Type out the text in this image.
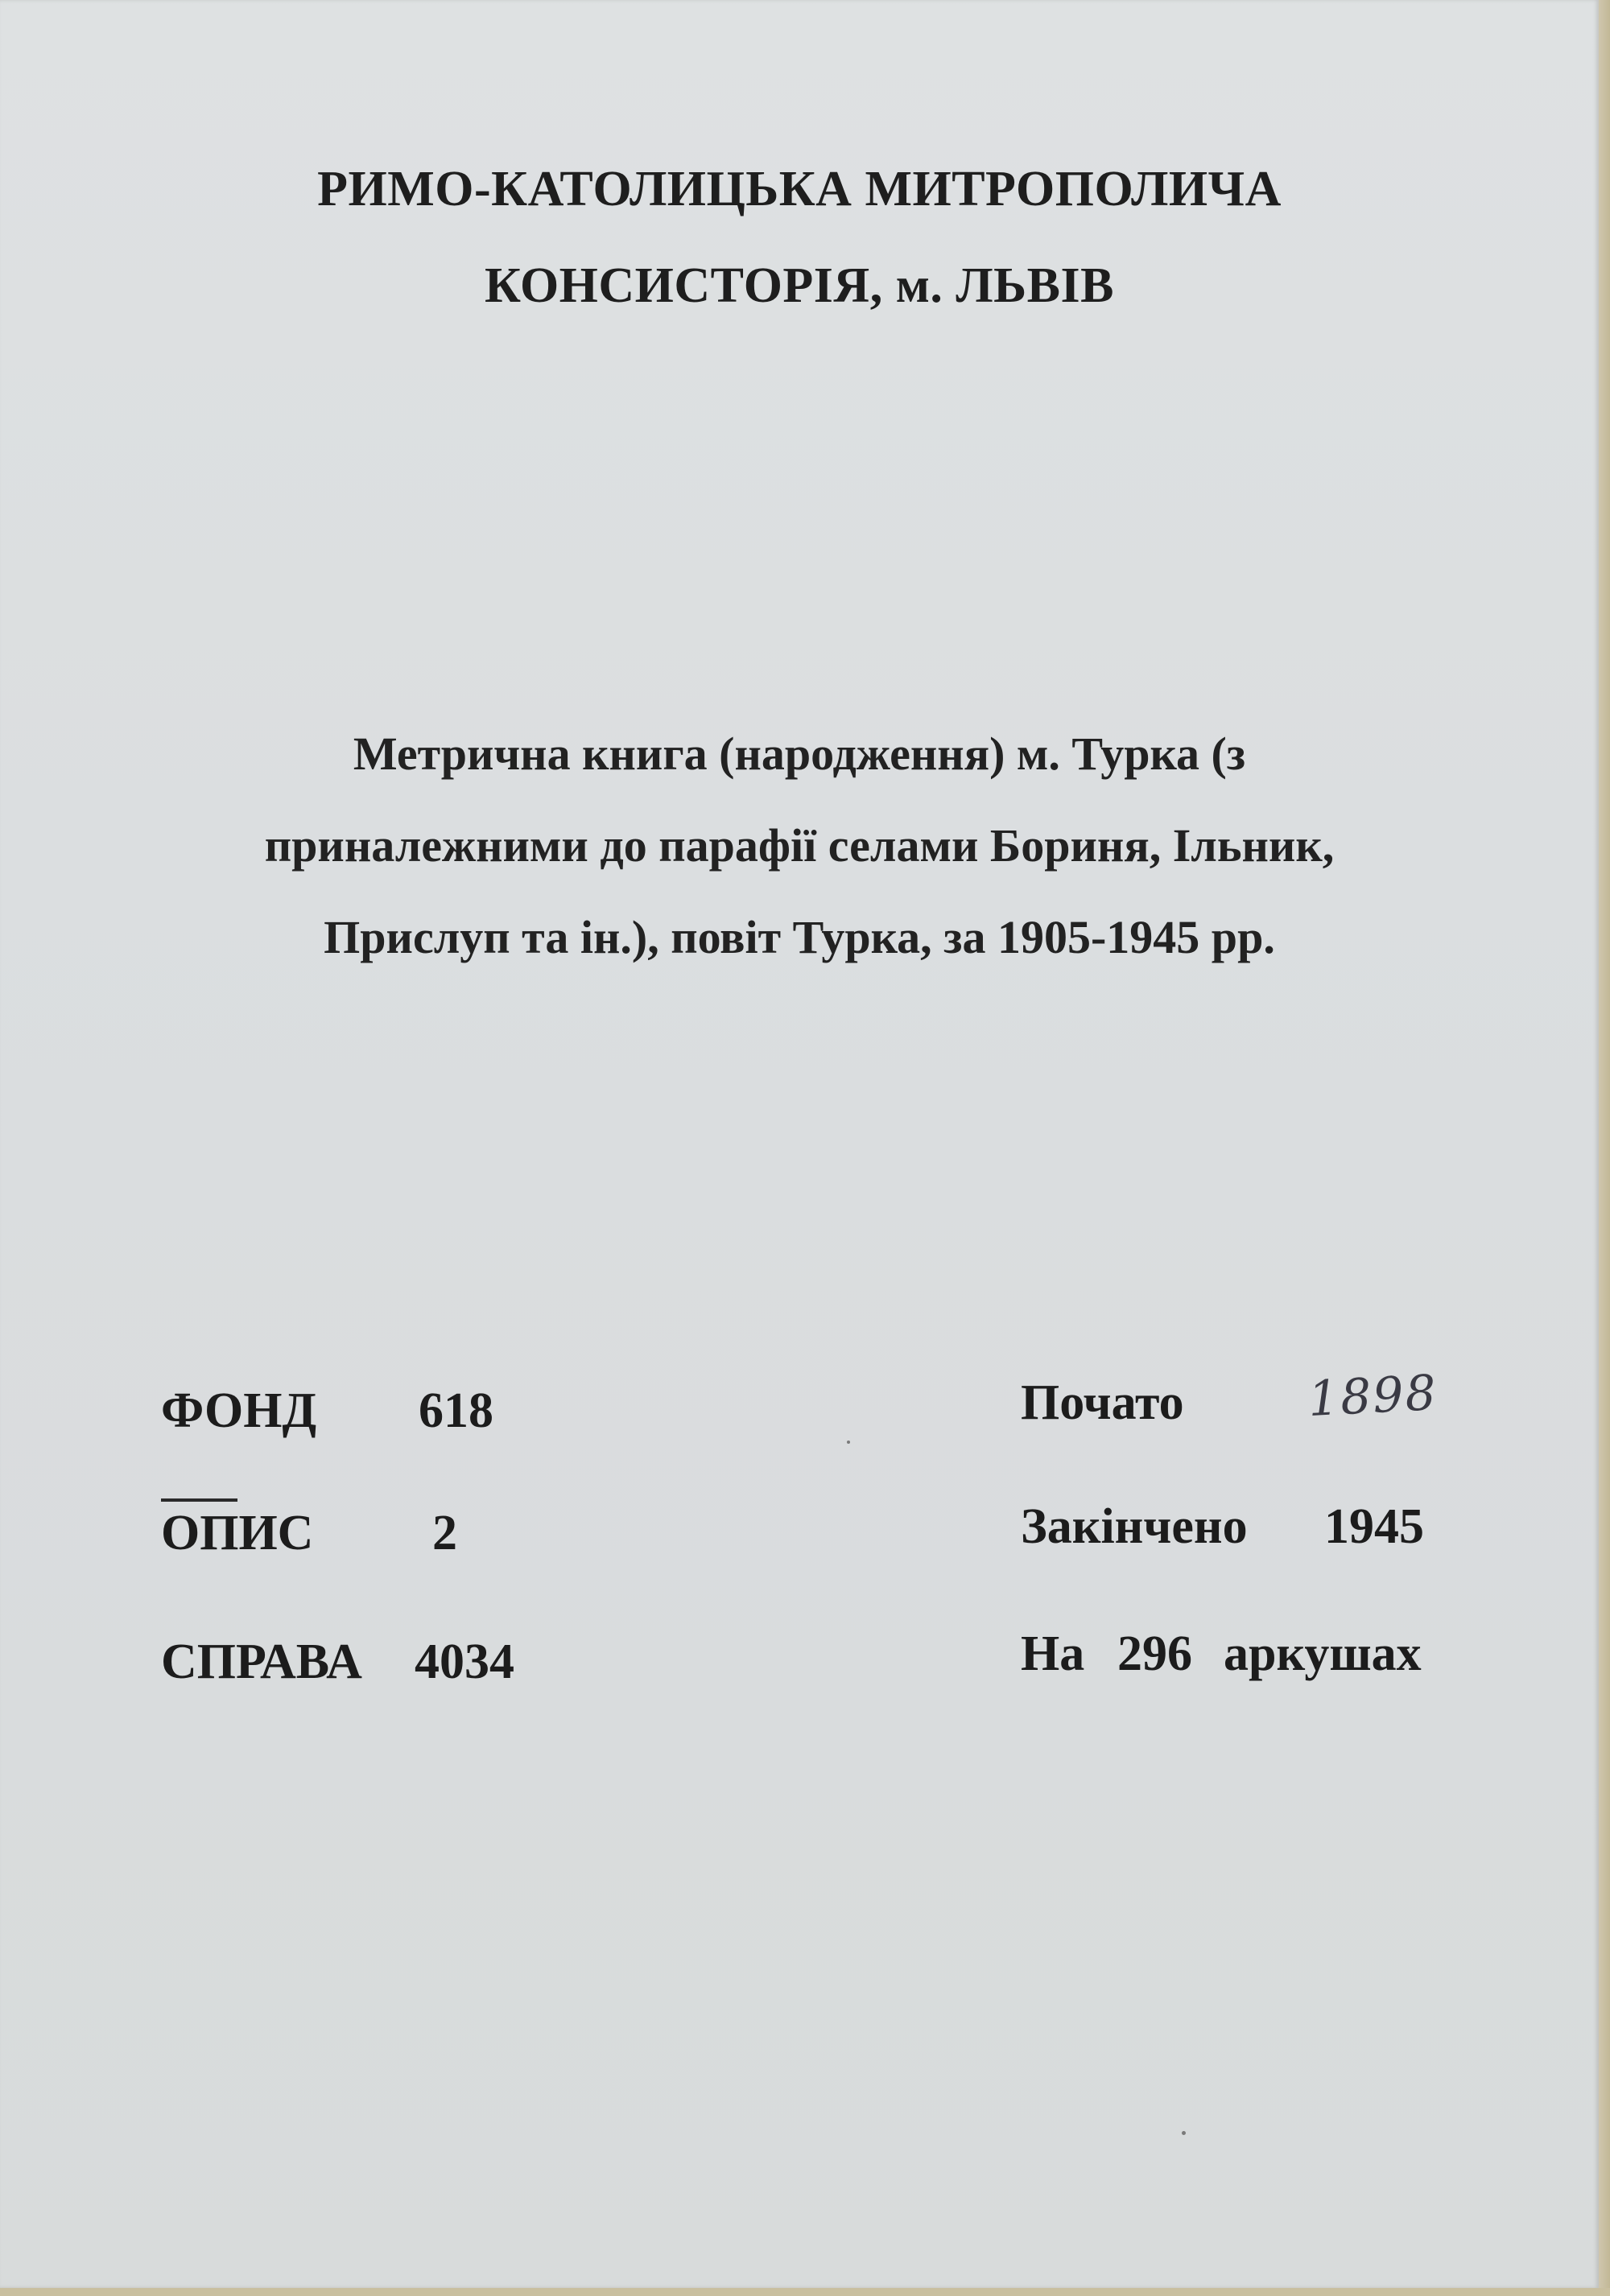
РИМО-КАТОЛИЦЬКА МИТРОПОЛИЧА
КОНСИСТОРІЯ, м. ЛЬВІВ
Метрична книга (народження) м. Турка (з
приналежними до парафії селами Бориня, Ільник,
Прислуп та ін.), повіт Турка, за 1905-1945 рр.
ФОНД 618
ОПИС 2
СПРАВА 4034
Почато	1898
Закінчено 1945
На 296 аркушах
